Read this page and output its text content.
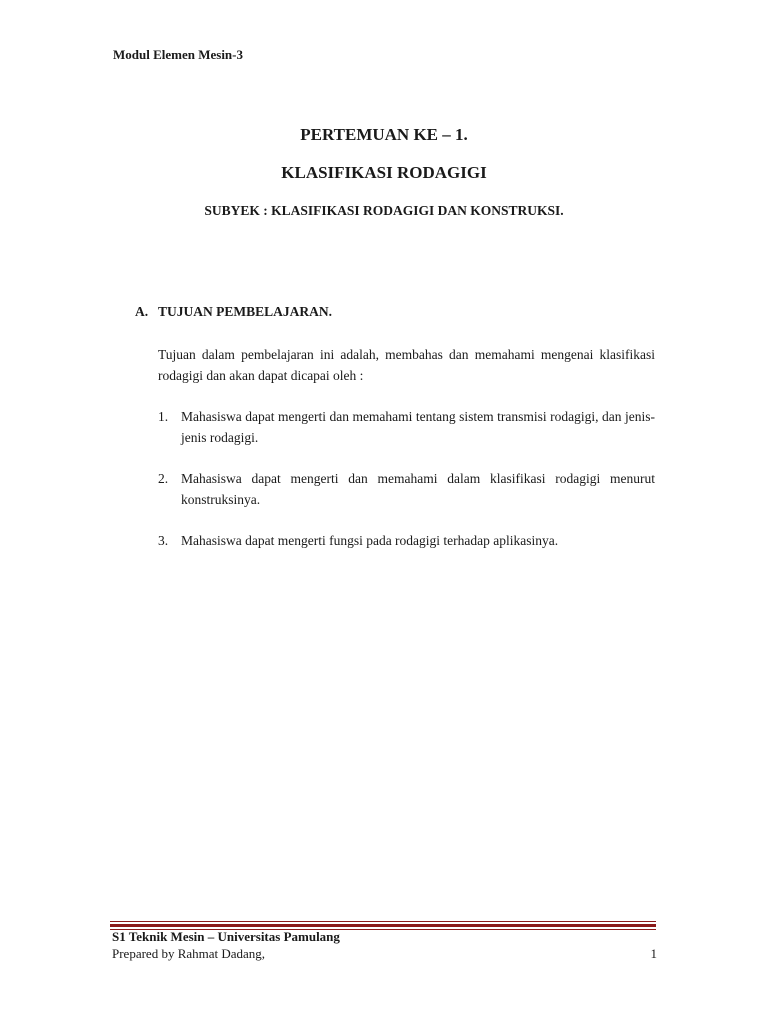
Modul Elemen Mesin-3
PERTEMUAN KE – 1.
KLASIFIKASI RODAGIGI
SUBYEK : KLASIFIKASI RODAGIGI DAN KONSTRUKSI.
A. TUJUAN PEMBELAJARAN.
Tujuan dalam pembelajaran ini adalah, membahas dan memahami mengenai klasifikasi rodagigi dan akan dapat dicapai oleh :
1. Mahasiswa dapat mengerti dan memahami tentang sistem transmisi rodagigi, dan jenis-jenis rodagigi.
2. Mahasiswa dapat mengerti dan memahami dalam klasifikasi rodagigi menurut konstruksinya.
3. Mahasiswa dapat mengerti fungsi pada rodagigi terhadap aplikasinya.
S1 Teknik Mesin – Universitas Pamulang
Prepared by Rahmat Dadang,	1
